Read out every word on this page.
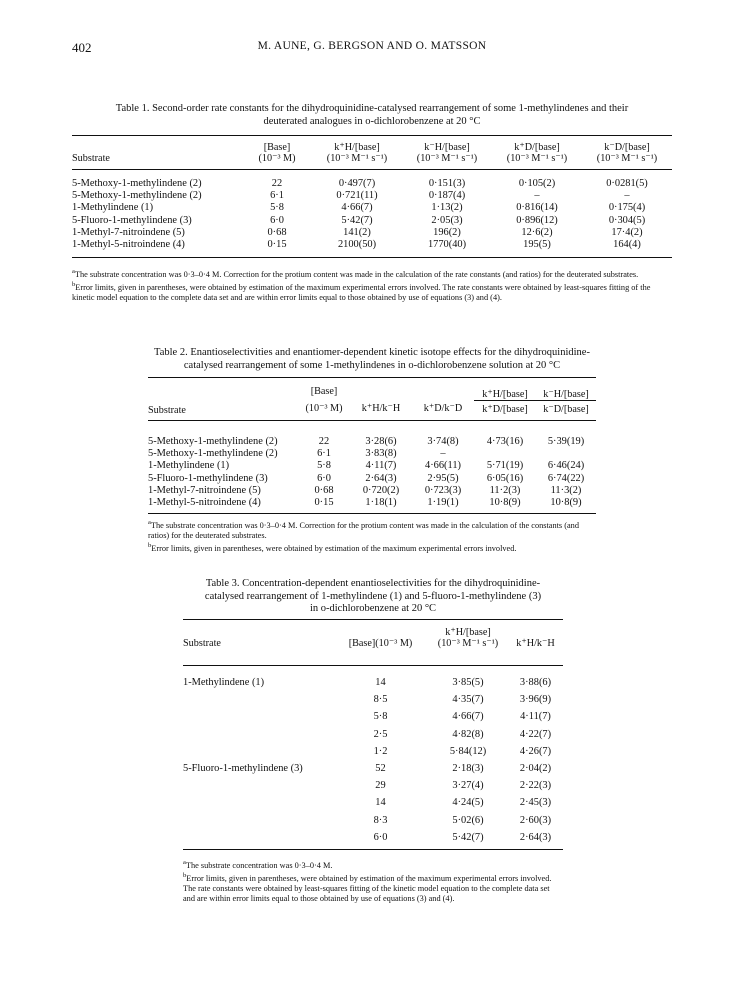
402	M. AUNE, G. BERGSON AND O. MATSSON
Table 1. Second-order rate constants for the dihydroquinidine-catalysed rearrangement of some 1-methylindenes and their
deuterated analogues in o-dichlorobenzene at 20 °C
	[Base]	k⁺H/[base]	k⁻H/[base]	k⁺D/[base]	k⁻D/[base]
Substrate	(10⁻³ M)	(10⁻³ M⁻¹ s⁻¹)	(10⁻³ M⁻¹ s⁻¹)	(10⁻³ M⁻¹ s⁻¹)	(10⁻³ M⁻¹ s⁻¹)
5-Methoxy-1-methylindene (2)	22	0·497(7)	0·151(3)	0·105(2)	0·0281(5)
5-Methoxy-1-methylindene (2)	6·1	0·721(11)	0·187(4)	–	–
1-Methylindene (1)	5·8	4·66(7)	1·13(2)	0·816(14)	0·175(4)
5-Fluoro-1-methylindene (3)	6·0	5·42(7)	2·05(3)	0·896(12)	0·304(5)
1-Methyl-7-nitroindene (5)	0·68	141(2)	196(2)	12·6(2)	17·4(2)
1-Methyl-5-nitroindene (4)	0·15	2100(50)	1770(40)	195(5)	164(4)
$^a$The substrate concentration was 0·3–0·4 M. Correction for the protium content was made in the calculation of the rate constants (and ratios) for the deuterated substrates.
$^b$Error limits, given in parentheses, were obtained by estimation of the maximum experimental errors involved. The rate constants were obtained by least-squares fitting of the kinetic model equation to the complete data set and are within error limits equal to those obtained by use of equations (3) and (4).
Table 2. Enantioselectivities and enantiomer-dependent kinetic isotope effects for the dihydroquinidine-
catalysed rearrangement of some 1-methylindenes in o-dichlorobenzene solution at 20 °C
	[Base]			k⁺H/[base]	k⁻H/[base]
Substrate	(10⁻³ M)	k⁺H/k⁻H	k⁺D/k⁻D	k⁺D/[base]	k⁻D/[base]
5-Methoxy-1-methylindene (2)	22	3·28(6)	3·74(8)	4·73(16)	5·39(19)
5-Methoxy-1-methylindene (2)	6·1	3·83(8)	–		
1-Methylindene (1)	5·8	4·11(7)	4·66(11)	5·71(19)	6·46(24)
5-Fluoro-1-methylindene (3)	6·0	2·64(3)	2·95(5)	6·05(16)	6·74(22)
1-Methyl-7-nitroindene (5)	0·68	0·720(2)	0·723(3)	11·2(3)	11·3(2)
1-Methyl-5-nitroindene (4)	0·15	1·18(1)	1·19(1)	10·8(9)	10·8(9)
$^a$The substrate concentration was 0·3–0·4 M. Correction for the protium content was made in the calculation of the constants (and ratios) for the deuterated substrates.
$^b$Error limits, given in parentheses, were obtained by estimation of the maximum experimental errors involved.
Table 3. Concentration-dependent enantioselectivities for the dihydroquinidine-
catalysed rearrangement of 1-methylindene (1) and 5-fluoro-1-methylindene (3)
in o-dichlorobenzene at 20 °C
		k⁺H/[base]	
Substrate	[Base](10⁻³ M)	(10⁻³ M⁻¹ s⁻¹)	k⁺H/k⁻H
1-Methylindene (1)	14	3·85(5)	3·88(6)
	8·5	4·35(7)	3·96(9)
	5·8	4·66(7)	4·11(7)
	2·5	4·82(8)	4·22(7)
	1·2	5·84(12)	4·26(7)
5-Fluoro-1-methylindene (3)	52	2·18(3)	2·04(2)
	29	3·27(4)	2·22(3)
	14	4·24(5)	2·45(3)
	8·3	5·02(6)	2·60(3)
	6·0	5·42(7)	2·64(3)
$^a$The substrate concentration was 0·3–0·4 M.
$^b$Error limits, given in parentheses, were obtained by estimation of the maximum experimental errors involved. The rate constants were obtained by least-squares fitting of the kinetic model equation to the complete data set and are within error limits equal to those obtained by use of equations (3) and (4).
